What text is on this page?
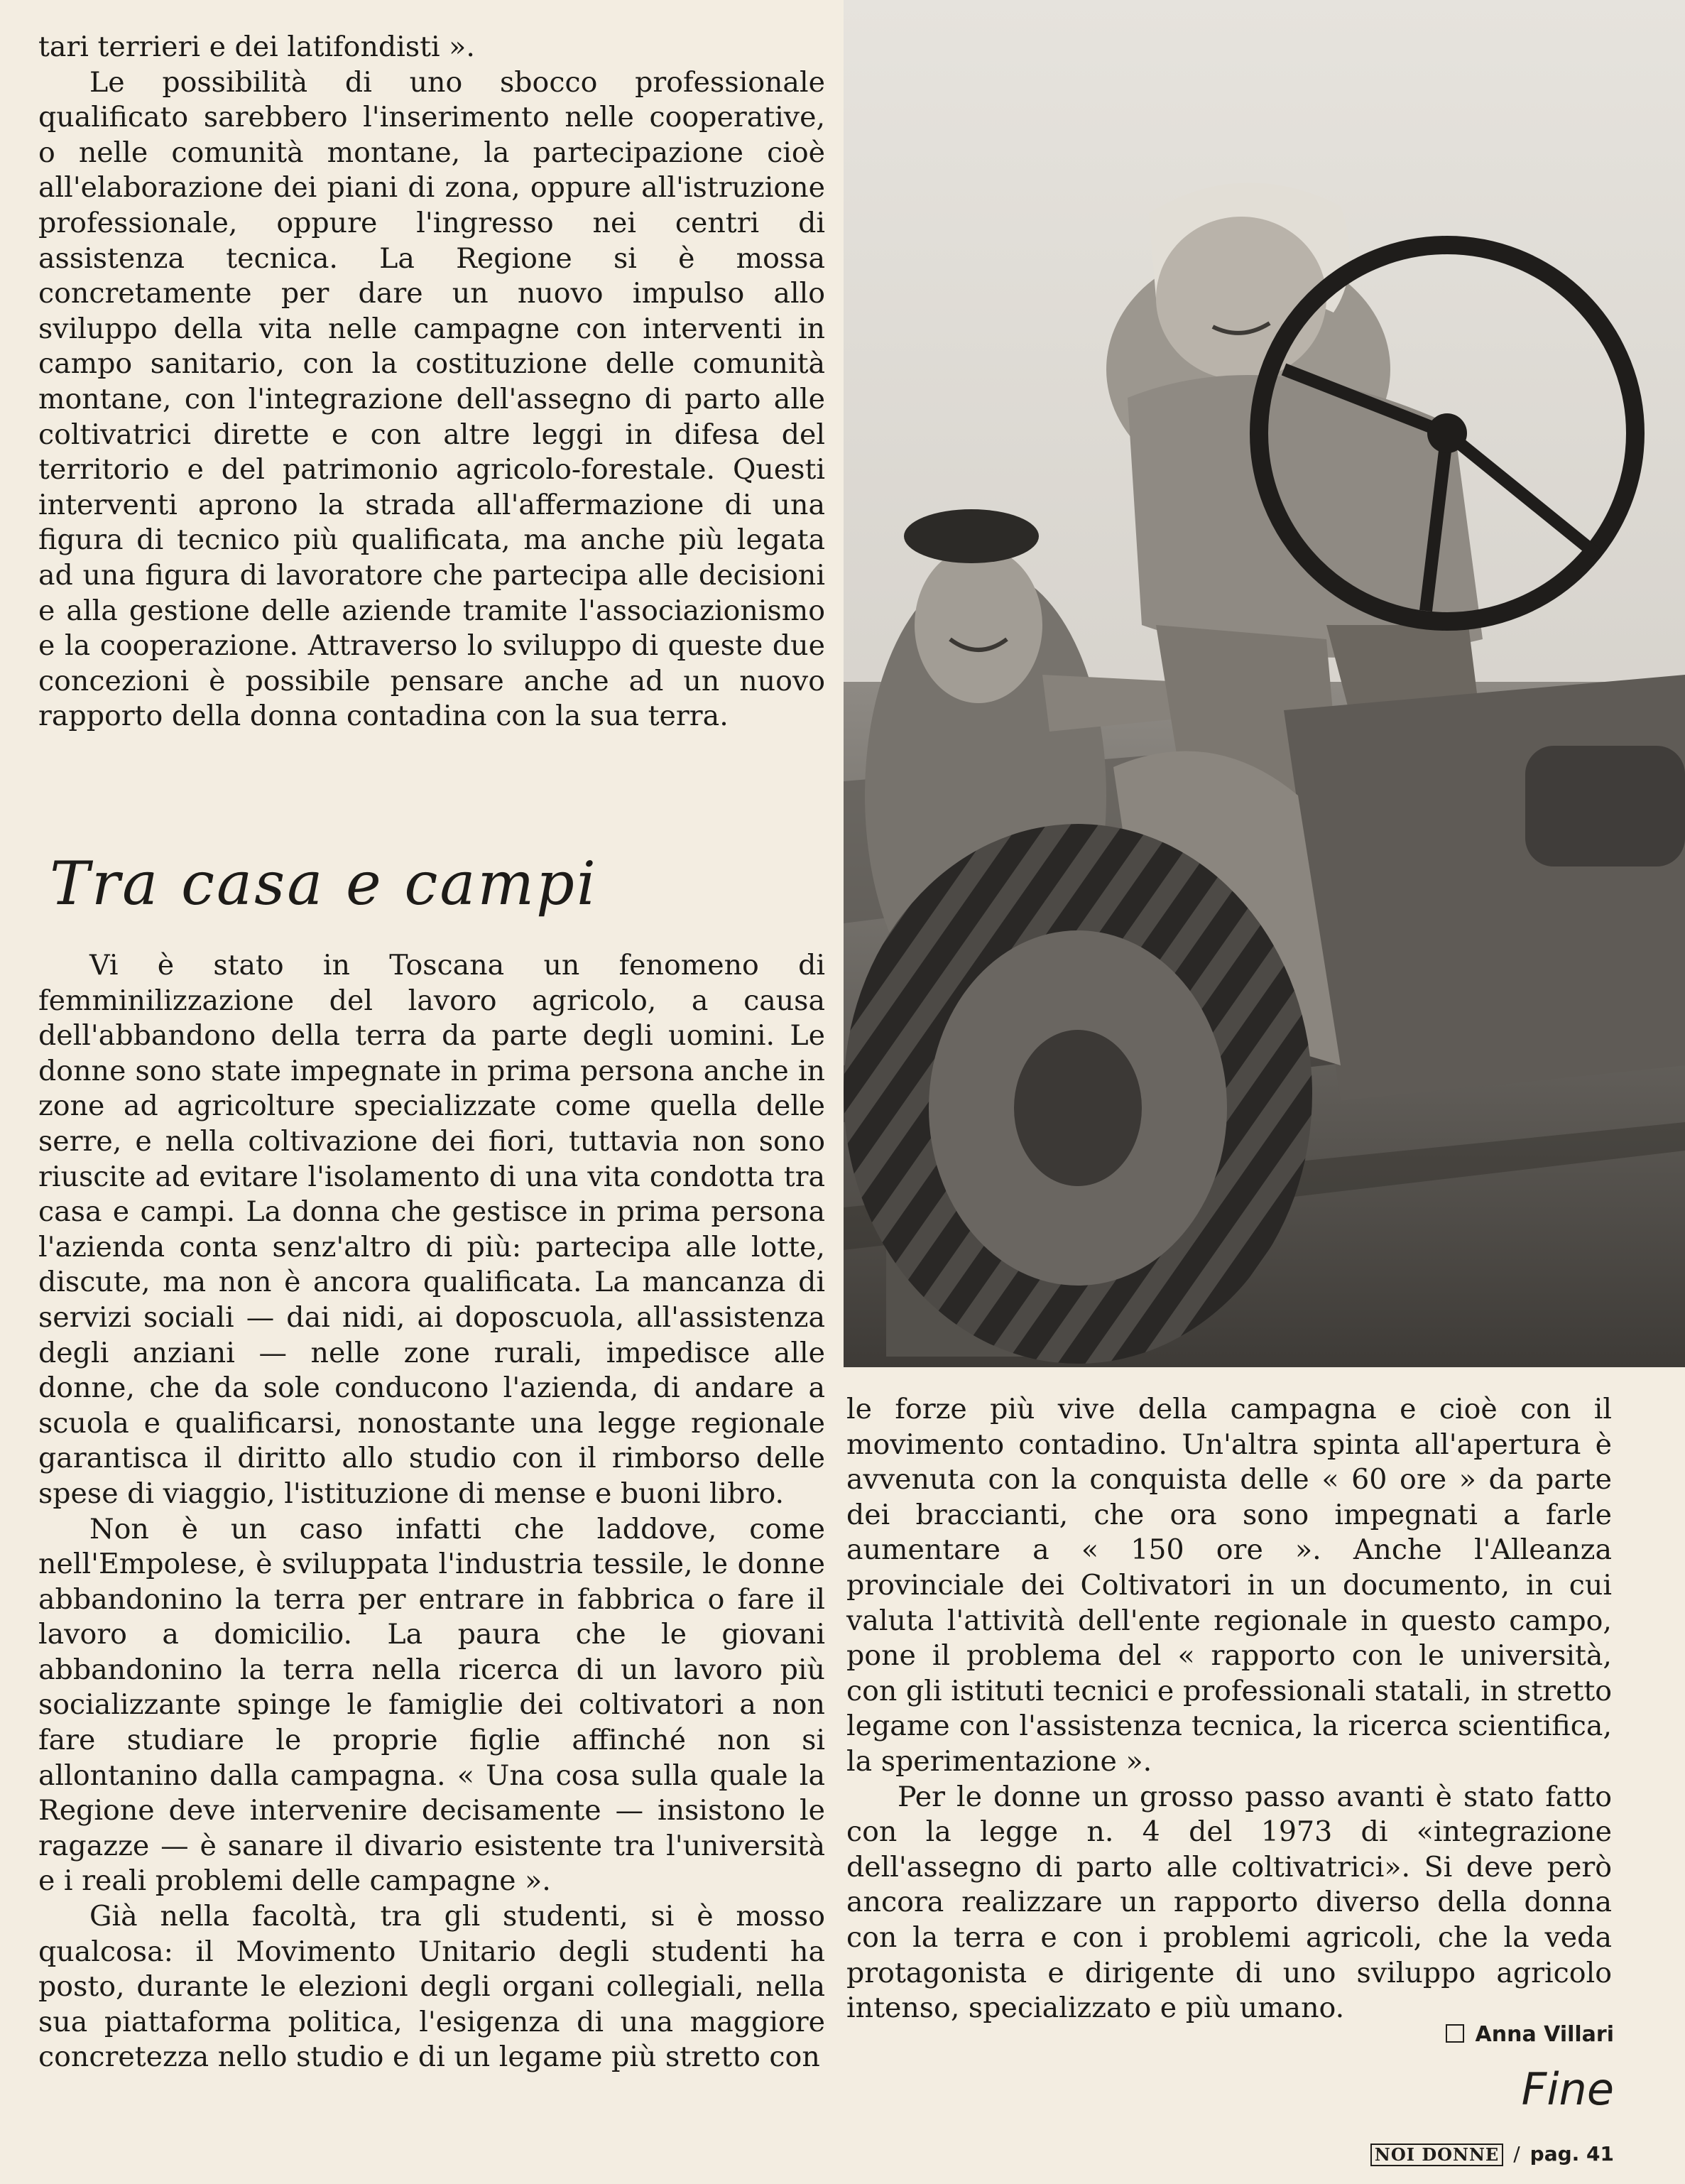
tari terrieri e dei latifondisti ».

Le possibilità di uno sbocco professionale qualificato sarebbero l'inserimento nelle cooperative, o nelle comunità montane, la partecipazione cioè all'elaborazione dei piani di zona, oppure all'istruzione professionale, oppure l'ingresso nei centri di assistenza tecnica. La Regione si è mossa concretamente per dare un nuovo impulso allo sviluppo della vita nelle campagne con interventi in campo sanitario, con la costituzione delle comunità montane, con l'integrazione dell'assegno di parto alle coltivatrici dirette e con altre leggi in difesa del territorio e del patrimonio agricolo-forestale. Questi interventi aprono la strada all'affermazione di una figura di tecnico più qualificata, ma anche più legata ad una figura di lavoratore che partecipa alle decisioni e alla gestione delle aziende tramite l'associazionismo e la cooperazione. Attraverso lo sviluppo di queste due concezioni è possibile pensare anche ad un nuovo rapporto della donna contadina con la sua terra.

Tra casa e campi

Vi è stato in Toscana un fenomeno di femminilizzazione del lavoro agricolo, a causa dell'abbandono della terra da parte degli uomini. Le donne sono state impegnate in prima persona anche in zone ad agricolture specializzate come quella delle serre, e nella coltivazione dei fiori, tuttavia non sono riuscite ad evitare l'isolamento di una vita condotta tra casa e campi. La donna che gestisce in prima persona l'azienda conta senz'altro di più: partecipa alle lotte, discute, ma non è ancora qualificata. La mancanza di servizi sociali — dai nidi, ai doposcuola, all'assistenza degli anziani — nelle zone rurali, impedisce alle donne, che da sole conducono l'azienda, di andare a scuola e qualificarsi, nonostante una legge regionale garantisca il diritto allo studio con il rimborso delle spese di viaggio, l'istituzione di mense e buoni libro.

Non è un caso infatti che laddove, come nell'Empolese, è sviluppata l'industria tessile, le donne abbandonino la terra per entrare in fabbrica o fare il lavoro a domicilio. La paura che le giovani abbandonino la terra nella ricerca di un lavoro più socializzante spinge le famiglie dei coltivatori a non fare studiare le proprie figlie affinché non si allontanino dalla campagna. « Una cosa sulla quale la Regione deve intervenire decisamente — insistono le ragazze — è sanare il divario esistente tra l'università e i reali problemi delle campagne ».

Già nella facoltà, tra gli studenti, si è mosso qualcosa: il Movimento Unitario degli studenti ha posto, durante le elezioni degli organi collegiali, nella sua piattaforma politica, l'esigenza di una maggiore concretezza nello studio e di un legame più stretto con

le forze più vive della campagna e cioè con il movimento contadino. Un'altra spinta all'apertura è avvenuta con la conquista delle « 60 ore » da parte dei braccianti, che ora sono impegnati a farle aumentare a « 150 ore ». Anche l'Alleanza provinciale dei Coltivatori in un documento, in cui valuta l'attività dell'ente regionale in questo campo, pone il problema del « rapporto con le università, con gli istituti tecnici e professionali statali, in stretto legame con l'assistenza tecnica, la ricerca scientifica, la sperimentazione ».

Per le donne un grosso passo avanti è stato fatto con la legge n. 4 del 1973 di «integrazione dell'assegno di parto alle coltivatrici». Si deve però ancora realizzare un rapporto diverso della donna con la terra e con i problemi agricoli, che la veda protagonista e dirigente di uno sviluppo agricolo intenso, specializzato e più umano.

Anna Villari
Fine
NOI DONNE / pag. 41
